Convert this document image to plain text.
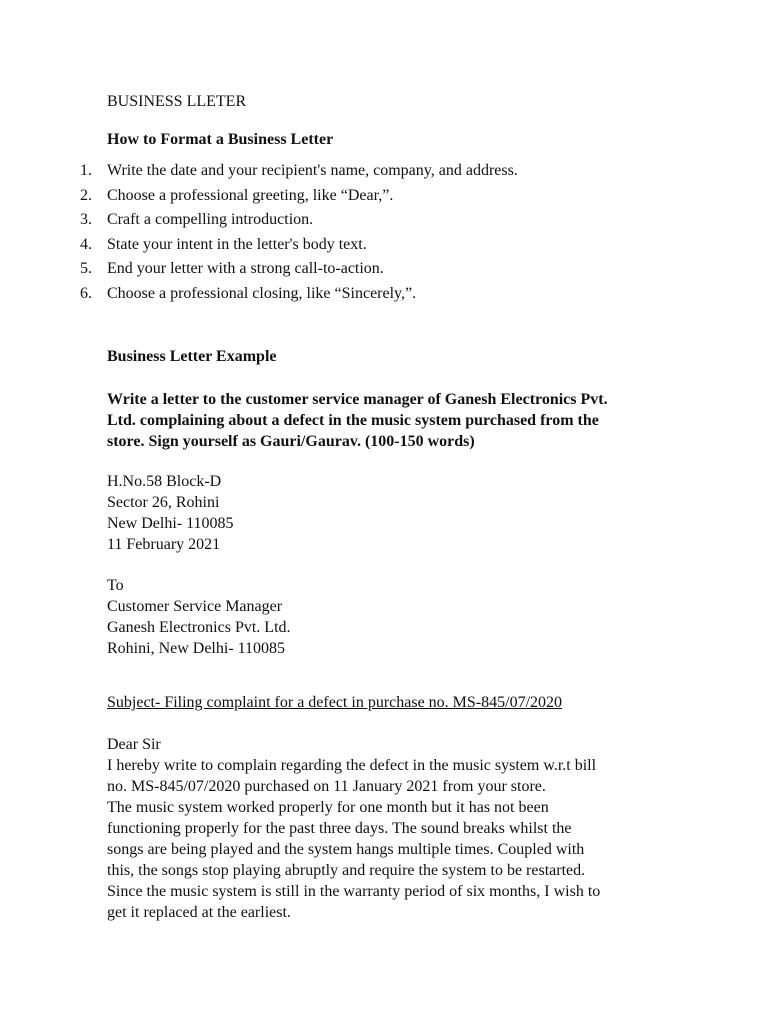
BUSINESS LLETER
How to Format a Business Letter
1. Write the date and your recipient's name, company, and address.
2. Choose a professional greeting, like “Dear,”.
3. Craft a compelling introduction.
4. State your intent in the letter's body text.
5. End your letter with a strong call-to-action.
6. Choose a professional closing, like “Sincerely,”.
Business Letter Example
Write a letter to the customer service manager of Ganesh Electronics Pvt.
Ltd. complaining about a defect in the music system purchased from the
store. Sign yourself as Gauri/Gaurav. (100-150 words)
H.No.58 Block-D
Sector 26, Rohini
New Delhi- 110085
11 February 2021
To
Customer Service Manager
Ganesh Electronics Pvt. Ltd.
Rohini, New Delhi- 110085
Subject- Filing complaint for a defect in purchase no. MS-845/07/2020
Dear Sir
I hereby write to complain regarding the defect in the music system w.r.t bill
no. MS-845/07/2020 purchased on 11 January 2021 from your store.
The music system worked properly for one month but it has not been
functioning properly for the past three days. The sound breaks whilst the
songs are being played and the system hangs multiple times. Coupled with
this, the songs stop playing abruptly and require the system to be restarted.
Since the music system is still in the warranty period of six months, I wish to
get it replaced at the earliest.
